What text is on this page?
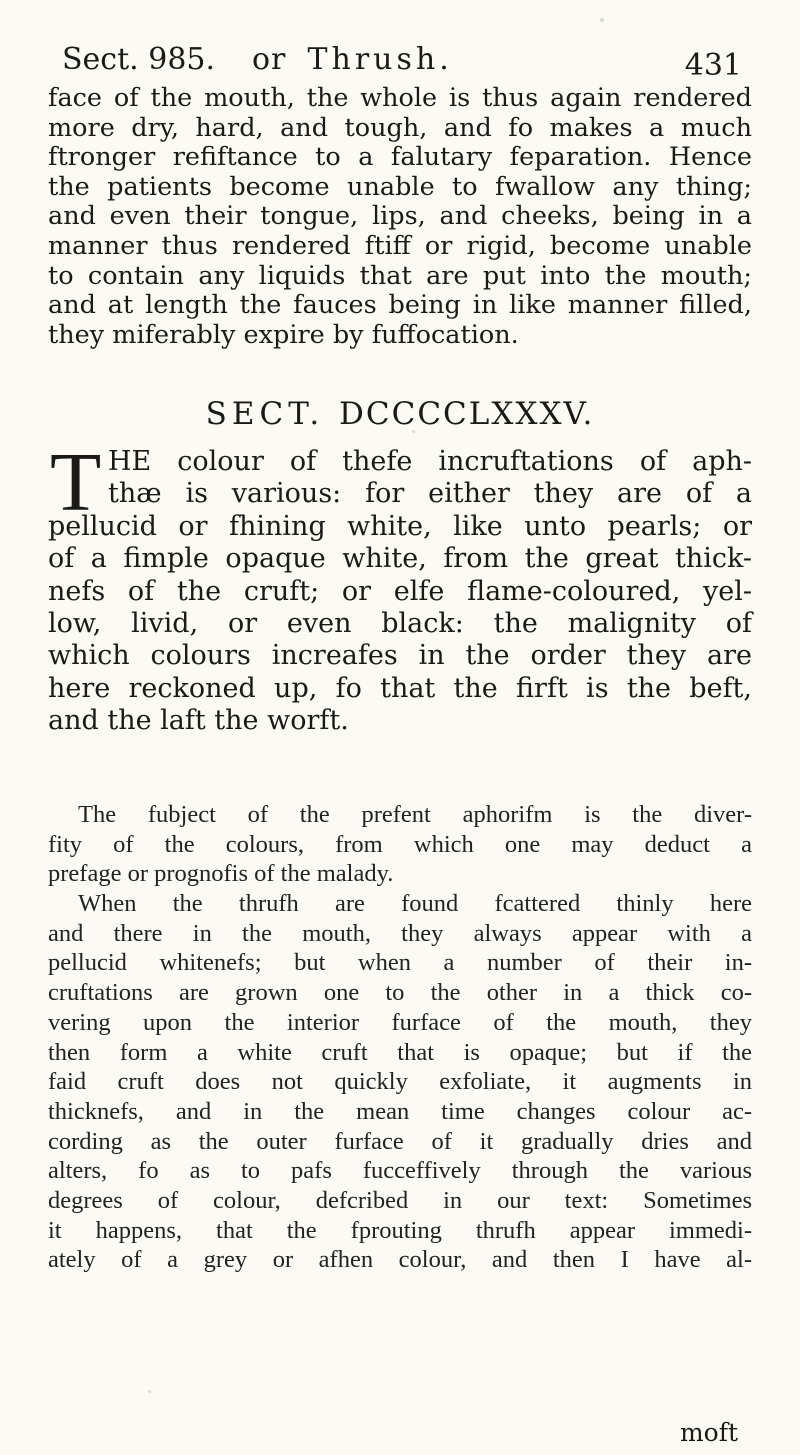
Sect. 985. or Thrush.	431
face of the mouth, the whole is thus again rendered
more dry, hard, and tough, and fo makes a much
ftronger refiftance to a falutary feparation. Hence
the patients become unable to fwallow any thing;
and even their tongue, lips, and cheeks, being in a
manner thus rendered ftiff or rigid, become unable
to contain any liquids that are put into the mouth;
and at length the fauces being in like manner filled,
they miferably expire by fuffocation.
SECT. DCCCCLXXXV.
T HE colour of thefe incruftations of aph-
thæ is various: for either they are of a
pellucid or fhining white, like unto pearls; or
of a fimple opaque white, from the great thick-
nefs of the cruft; or elfe flame-coloured, yel-
low, livid, or even black: the malignity of
which colours increafes in the order they are
here reckoned up, fo that the firft is the beft,
and the laft the worft.
The fubject of the prefent aphorifm is the diver-
fity of the colours, from which one may deduct a
prefage or prognofis of the malady.
When the thrufh are found fcattered thinly here
and there in the mouth, they always appear with a
pellucid whitenefs; but when a number of their in-
cruftations are grown one to the other in a thick co-
vering upon the interior furface of the mouth, they
then form a white cruft that is opaque; but if the
faid cruft does not quickly exfoliate, it augments in
thicknefs, and in the mean time changes colour ac-
cording as the outer furface of it gradually dries and
alters, fo as to pafs fucceffively through the various
degrees of colour, defcribed in our text: Sometimes
it happens, that the fprouting thrufh appear immedi-
ately of a grey or afhen colour, and then I have al-
moft
